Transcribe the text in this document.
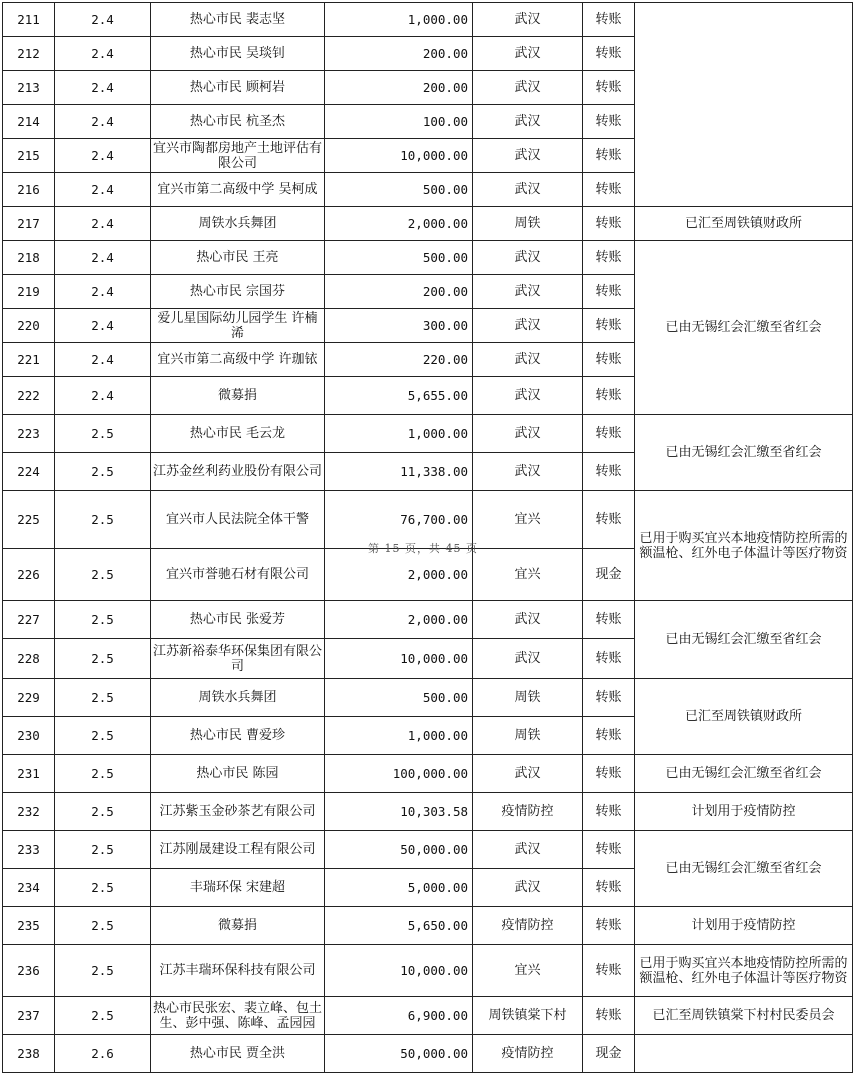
211	2.4	热心市民 裴志坚	1,000.00	武汉	转账	
212	2.4	热心市民 吴琰钊	200.00	武汉	转账	
213	2.4	热心市民 顾柯岩	200.00	武汉	转账	
214	2.4	热心市民 杭圣杰	100.00	武汉	转账	
215	2.4	宜兴市陶都房地产土地评估有限公司	10,000.00	武汉	转账	
216	2.4	宜兴市第二高级中学 吴柯成	500.00	武汉	转账	
217	2.4	周铁水兵舞团	2,000.00	周铁	转账	已汇至周铁镇财政所
218	2.4	热心市民 王亮	500.00	武汉	转账	已由无锡红会汇缴至省红会
219	2.4	热心市民 宗国芬	200.00	武汉	转账	
220	2.4	爱儿星国际幼儿园学生 许楠浠	300.00	武汉	转账	
221	2.4	宜兴市第二高级中学 许珈铱	220.00	武汉	转账	
222	2.4	微募捐	5,655.00	武汉	转账	
223	2.5	热心市民 毛云龙	1,000.00	武汉	转账	已由无锡红会汇缴至省红会
224	2.5	江苏金丝利药业股份有限公司	11,338.00	武汉	转账	
225	2.5	宜兴市人民法院全体干警	76,700.00	宜兴	转账	已用于购买宜兴本地疫情防控所需的额温枪、红外电子体温计等医疗物资
226	2.5	宜兴市誉驰石材有限公司	2,000.00	宜兴	现金	
227	2.5	热心市民 张爱芳	2,000.00	武汉	转账	已由无锡红会汇缴至省红会
228	2.5	江苏新裕泰华环保集团有限公司	10,000.00	武汉	转账	
229	2.5	周铁水兵舞团	500.00	周铁	转账	已汇至周铁镇财政所
230	2.5	热心市民 曹爱珍	1,000.00	周铁	转账	
231	2.5	热心市民 陈园	100,000.00	武汉	转账	已由无锡红会汇缴至省红会
232	2.5	江苏紫玉金砂茶艺有限公司	10,303.58	疫情防控	转账	计划用于疫情防控
233	2.5	江苏刚晟建设工程有限公司	50,000.00	武汉	转账	已由无锡红会汇缴至省红会
234	2.5	丰瑞环保 宋建超	5,000.00	武汉	转账	
235	2.5	微募捐	5,650.00	疫情防控	转账	计划用于疫情防控
236	2.5	江苏丰瑞环保科技有限公司	10,000.00	宜兴	转账	已用于购买宜兴本地疫情防控所需的额温枪、红外电子体温计等医疗物资
237	2.5	热心市民张宏、裴立峰、包土生、彭中强、陈峰、孟园园	6,900.00	周铁镇棠下村	转账	已汇至周铁镇棠下村村民委员会
238	2.6	热心市民 贾全洪	50,000.00	疫情防控	现金	
第 15 页，共 45 页
